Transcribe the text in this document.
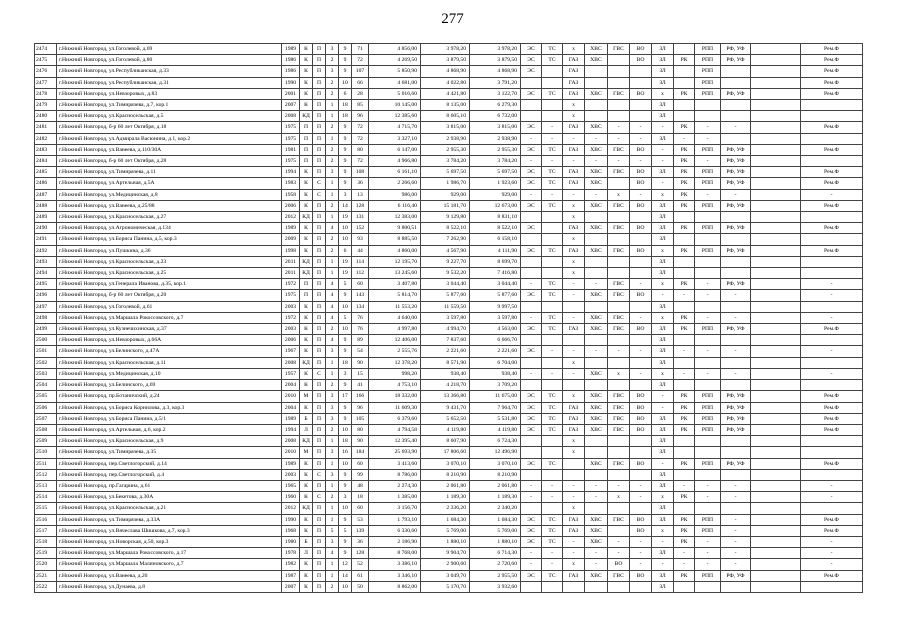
277
2474	г.Нижний Новгород, ул.Гоголевой, д.69	1989	К	П	3	9	71	4 856,00	3 978,20	3 978,20	ЭС	ТС	х	ХВС	ГВС	ВО	ЗЛ		РПП	РФ, УФ		Рем.Ф
2475	г.Нижний Новгород, ул.Гоголевой, д.80	1986	К	П	2	9	72	4 269,50	3 879,50	3 879,50	ЭС	ТС	ГАЗ	ХВС		ВО	ЗЛ	РК	РПП	РФ, УФ		Рем.Ф
2476	г.Нижний Новгород, ул.Республиканская, д.33	1986	К	П	3	9	107	5 850,90	4 868,90	4 868,90	ЭС		ГАЗ				ЗЛ		РПП			Рем.Ф
2477	г.Нижний Новгород, ул.Республиканская, д.31	1990	К	П	2	10	66	4 681,00	4 022,80	3 791,20			ГАЗ				ЗЛ		РПП			Рем.Ф
2478	г.Нижний Новгород, ул.Невзоровых, д.83	2001	К	П	2	6	28	5 016,60	4 421,80	3 122,70	ЭС	ТС	ГАЗ	ХВС	ГВС	ВО	х	РК	РПП	РФ, УФ		Рем.Ф
2479	г.Нижний Новгород, ул.Тимирязева, д.7, кор.1	2007	К	П	1	18	85	10 145,00	8 135,00	6 279,30			х				ЗЛ					
2480	г.Нижний Новгород, ул.Красносельская, д.5	2008	КД	П	1	18	96	12 385,60	8 605,10	6 732,00			х				ЗЛ					
2481	г.Нижний Новгород, б-р 60 лет Октября, д.18	1975	П	П	2	9	72	4 715,70	3 815,00	3 815,00	ЭС	-	ГАЗ	ХВС	-	-	-	РК	-	-		Рем.Ф
2482	г.Нижний Новгород, ул.Адмирала Васюнина, д.1, кор.2	1975	П	П	1	9	72	3 327,10	2 938,90	2 938,90	-	-	-	-	-	-	ЗЛ	-	-			
2483	г.Нижний Новгород, ул.Ванеева, д.110/30А	1981	П	П	2	9	80	6 147,00	2 955,30	2 955,30	ЭС	ТС	ГАЗ	ХВС	ГВС	ВО	-	РК	РПП	РФ, УФ		Рем.Ф
2484	г.Нижний Новгород, б-р 60 лет Октября, д.28	1975	П	П	2	9	72	4 966,80	3 784,20	3 784,20	-	-	-	-	-	-	-	РК	-	РФ, УФ		
2485	г.Нижний Новгород, ул.Тимирязева, д.11	1994	К	П	3	9	108	6 161,10	5 697,50	5 697,50	ЭС	ТС	ГАЗ	ХВС	ГВС	ВО	ЗЛ	РК	РПП	РФ, УФ		Рем.Ф
2486	г.Нижний Новгород, ул.Артельная, д.5А	1983	К	С	1	9	36	2 266,60	1 986,70	1 923,60	ЭС	ТС	ГАЗ	ХВС		ВО	-	РК	РПП	РФ, УФ		Рем.Ф
2487	г.Нижний Новгород, ул.Медицинская, д.8	1958	К	С	1	3	13	986,00	929,00	929,00	-	-	-	-	х	-	х	РК	-	-		-
2488	г.Нижний Новгород, ул.Ванеева, д.25/88	2006	К	П	2	14	128	6 116,40	15 181,70	12 673,00	ЭС	ТС	х	ХВС	ГВС	ВО	ЗЛ	РК	РПП	РФ, УФ		Рем.Ф
2489	г.Нижний Новгород, ул.Красносельская, д.27	2012	КД	П	1	19	131	12 383,00	9 129,80	8 831,10			х				ЗЛ					
2490	г.Нижний Новгород, ул.Агрономическая, д.134	1989	К	П	4	10	152	9 800,51	8 522,10	8 522,10	ЭС		ГАЗ	ХВС	ГВС	ВО	ЗЛ	РК	РПП	РФ, УФ		Рем.Ф
2491	г.Нижний Новгород, ул.Бориса Панина, д.5, кор.3	2009	К	П	2	10	93	8 885,50	7 262,90	6 158,10			х				ЗЛ					
2492	г.Нижний Новгород, ул.Пушкина, д.36	1998	К	П	2	6	44	4 860,00	4 567,90	4 111,90	ЭС	ТС	ГАЗ	ХВС	ГВС	ВО	х	РК	РПП	РФ, УФ		Рем.Ф
2493	г.Нижний Новгород, ул.Красносельская, д.23	2011	КД	П	1	19	114	12 195,70	9 227,70	8 699,70			х				ЗЛ					
2494	г.Нижний Новгород, ул.Красносельская, д.25	2011	КД	П	1	19	112	13 245,60	9 532,20	7 416,80			х				ЗЛ					
2495	г.Нижний Новгород, ул.Генерала Иванова, д.35, кор.1	1972	П	П	4	5	60	3 407,80	3 044,40	3 044,40	-	ТС	-	-	ГВС	-	х	РК	-	РФ, УФ		-
2496	г.Нижний Новгород, б-р 60 лет Октября, д.20	1975	П	П	4	9	143	5 814,70	5 877,60	5 877,60	ЭС	ТС	-	ХВС	ГВС	ВО	-	-	-	-		-
2497	г.Нижний Новгород, ул.Гоголевой, д.61	2003	К	П	4	10	134	11 553,20	11 559,50	9 997,50							ЗЛ					
2498	г.Нижний Новгород, ул.Маршала Рокоссовского, д.7	1972	К	П	4	5	76	4 640,00	3 597,80	3 597,80	-	ТС	-	ХВС	ГВС	-	х	РК	-	-		-
2499	г.Нижний Новгород, ул.Кузнечихинская, д.37	2003	К	П	2	10	76	4 997,80	4 994,70	4 563,00	ЭС	ТС	ГАЗ	ХВС	ГВС	ВО	ЗЛ	РК	РПП	РФ, УФ		Рем.Ф
2500	г.Нижний Новгород, ул.Невзоровых, д.66А	2006	К	П	4	9	89	12 406,00	7 837,60	6 666,70							ЗЛ					
2501	г.Нижний Новгород, ул.Белинского, д.47А	1967	К	П	3	9	54	2 555,76	2 221,60	2 221,60	ЭС	-	-	-	-	-	ЗЛ	-	-	-		-
2502	г.Нижний Новгород, ул.Красносельская, д.11	2008	КД	П	1	18	90	12 378,20	8 571,90	6 704,00			х				ЗЛ					
2503	г.Нижний Новгород, ул.Медицинская, д.10	1957	К	С	1	3	15	998,20	938,40	938,40	-	-	-	ХВС	х	-	х	-	-	-		-
2504	г.Нижний Новгород, ул.Белинского, д.69	2004	К	П	2	9	41	4 753,10	4 218,70	3 709,20							ЗЛ					
2505	г.Нижний Новгород, пр.Ботаничский, д.24	2010	М	П	3	17	166	18 332,00	13 366,80	11 675,00	ЭС	ТС	х	ХВС	ГВС	ВО	-	РК	РПП	РФ, УФ		Рем.Ф
2506	г.Нижний Новгород, ул.Бориса Корнилова, д.3, кор.3	2004	К	П	3	9	96	11 609,30	9 431,70	7 964,70	ЭС	ТС	ГАЗ	ХВС	ГВС	ВО	-	РК	РПП	РФ, УФ		Рем.Ф
2507	г.Нижний Новгород, ул.Бориса Панина, д.5/1	1989	Б	П	3	9	105	6 379,60	5 652,50	5 531,80	ЭС	ТС	ГАЗ	ХВС	ГВС	ВО	ЗЛ	РК	РПП	РФ, УФ		Рем.Ф
2508	г.Нижний Новгород, ул.Артельная, д.6, кор.2	1994	Л	П	2	10	80	4 794,58	4 119,80	4 119,80	ЭС	ТС	ГАЗ	ХВС	ГВС	ВО	ЗЛ	РК	РПП	РФ, УФ		Рем.Ф
2509	г.Нижний Новгород, ул.Красносельская, д.9	2008	КД	П	1	18	90	12 395,40	8 607,90	6 724,30			х				ЗЛ					
2510	г.Нижний Новгород, ул.Тимирязева, д.35	2010	М	П	3	16	184	25 693,90	17 806,60	12 496,90			х				ЗЛ					
2511	г.Нижний Новгород, пер.Светлогорский, д.14	1989	К	П	1	10	60	3 413,60	3 070,10	3 070,10	ЭС	ТС		ХВС	ГВС	ВО	-	РК	РПП	РФ, УФ		Рем.Ф
2512	г.Нижний Новгород, пер.Светлогорский, д.4	2003	К	С	3	9	99	8 786,00	8 210,90	8 210,90							ЗЛ					
2513	г.Нижний Новгород, пр.Гагарина, д.61	1965	К	П	1	9	48	2 274,30	2 061,80	2 061,80	-	-	-	-	-	-	ЗЛ	-	-	-		-
2514	г.Нижний Новгород, ул.Бекетова, д.30А	1960	К	С	2	3	18	1 385,00	1 189,30	1 189,30	-	-	-	-	х	-	х	РК	-	-		-
2515	г.Нижний Новгород, ул.Красносельская, д.21	2012	КД	П	1	10	60	3 156,70	2 336,20	2 340,20			х				ЗЛ					
2516	г.Нижний Новгород, ул.Тимирязева, д.33А	1990	К	П	1	9	53	1 793,10	1 684,30	1 684,30	ЭС	ТС	ГАЗ	ХВС	ГВС	ВО	ЗЛ	РК	РПП	-		Рем.Ф
2517	г.Нижний Новгород, ул.Вячеслава Шишкова, д.7, кор.3	1968	К	П	5	5	139	6 330,60	5 769,00	5 769,00	ЭС	ТС	ГАЗ	ХВС		ВО	х	РК	РПП	-		Рем.Ф
2518	г.Нижний Новгород, ул.Новорская, д.50, кор.3	1980	Б	П	3	9	36	2 186,90	1 880,10	1 880,10	ЭС	ТС	-	ХВС	-	-	-	РК	-	-		-
2519	г.Нижний Новгород, ул.Маршала Рокоссовского, д.17	1978	Л	П	4	9	128	8 768,00	9 904,70	6 714,30	-	-	-	-	-	-	ЗЛ	-	-	-		-
2520	г.Нижний Новгород, ул.Маршала Малиновского, д.7	1982	К	П	1	12	52	3 386,10	2 900,60	2 720,60	-	-	х	-	ВО	-	-	-	-	-		-
2521	г.Нижний Новгород, ул.Ванеева, д.20	1987	К	П	1	14	61	3 346,10	3 049,70	2 955,50	ЭС	ТС	ГАЗ	ХВС	ГВС	ВО	ЗЛ	РК	РПП	РФ, УФ		Рем.Ф
2522	г.Нижний Новгород, ул.Дунаева, д.8	2007	К	П	2	10	50	8 862,00	5 170,70	3 932,60							ЗЛ					
